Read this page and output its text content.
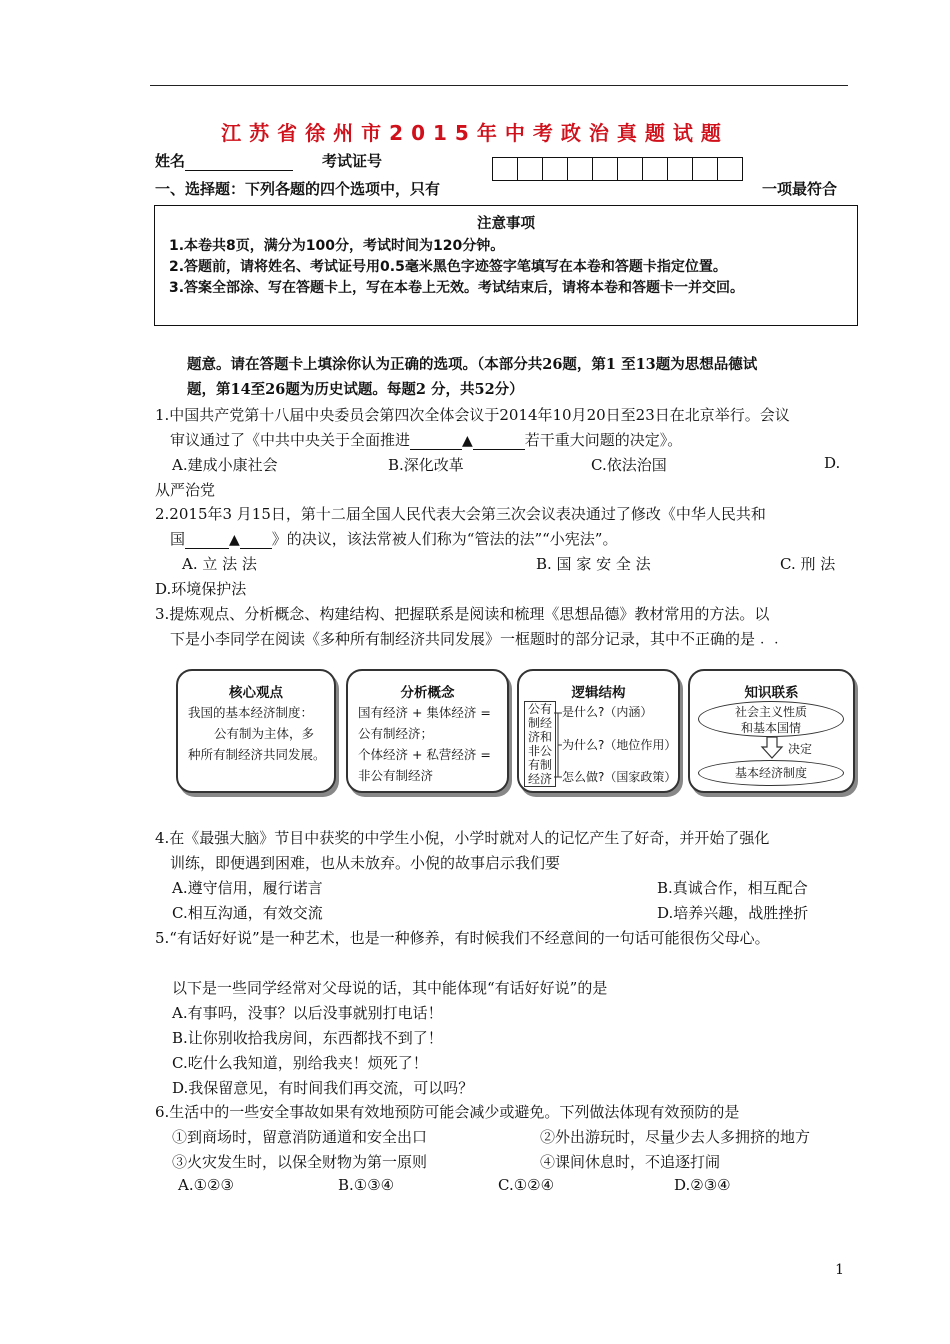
江苏省徐州市2015年中考政治真题试题
姓名	考试证号
一、选择题：下列各题的四个选项中，只有	一项最符合
注意事项
1.本卷共8页，满分为100分，考试时间为120分钟。
2.答题前，请将姓名、考试证号用0.5毫米黑色字迹签字笔填写在本卷和答题卡指定位置。
3.答案全部涂、写在答题卡上，写在本卷上无效。考试结束后，请将本卷和答题卡一并交回。
题意。请在答题卡上填涂你认为正确的选项。（本部分共26题，第1 至13题为思想品德试
题，第14至26题为历史试题。每题2 分，共52分）
1.中国共产党第十八届中央委员会第四次全体会议于2014年10月20日至23日在北京举行。会议
审议通过了《中共中央关于全面推进	▲	若干重大问题的决定》。
A.建成小康社会	B.深化改革	C.依法治国	D.
从严治党
2.2015年3 月15日，第十二届全国人民代表大会第三次会议表决通过了修改《中华人民共和
国	▲ 》的决议，该法常被人们称为“管法的法”“小宪法”。
A. 立 法 法	B. 国 家 安 全 法	C. 刑 法
D.环境保护法
3.提炼观点、分析概念、构建结构、把握联系是阅读和梳理《思想品德》教材常用的方法。以
下是小李同学在阅读《多种所有制经济共同发展》一框题时的部分记录，其中不正确的是
···
核心观点
我国的基本经济制度：
公有制为主体，多
种所有制经济共同发展。
分析概念
国有经济 + 集体经济 =
公有制经济；
个体经济 + 私营经济 =
非公有制经济
逻辑结构
公有
制经
济和
非公
有制
经济
是什么?（内涵）
为什么?（地位作用）
怎么做?（国家政策）
知识联系
社会主义性质
和基本国情
决定
基本经济制度
4.在《最强大脑》节目中获奖的中学生小倪，小学时就对人的记忆产生了好奇，并开始了强化
训练，即便遇到困难，也从未放弃。小倪的故事启示我们要
A.遵守信用，履行诺言	B.真诚合作，相互配合
C.相互沟通，有效交流	D.培养兴趣，战胜挫折
5.“有话好好说”是一种艺术，也是一种修养，有时候我们不经意间的一句话可能很伤父母心。
以下是一些同学经常对父母说的话，其中能体现“有话好好说”的是
A.有事吗，没事？以后没事就别打电话！
B.让你别收拾我房间，东西都找不到了！
C.吃什么我知道，别给我夹！烦死了！
D.我保留意见，有时间我们再交流，可以吗？
6.生活中的一些安全事故如果有效地预防可能会减少或避免。下列做法体现有效预防的是
①到商场时，留意消防通道和安全出口	②外出游玩时，尽量少去人多拥挤的地方
③火灾发生时，以保全财物为第一原则	④课间休息时，不追逐打闹
A.①②③	B.①③④	C.①②④	D.②③④
1
